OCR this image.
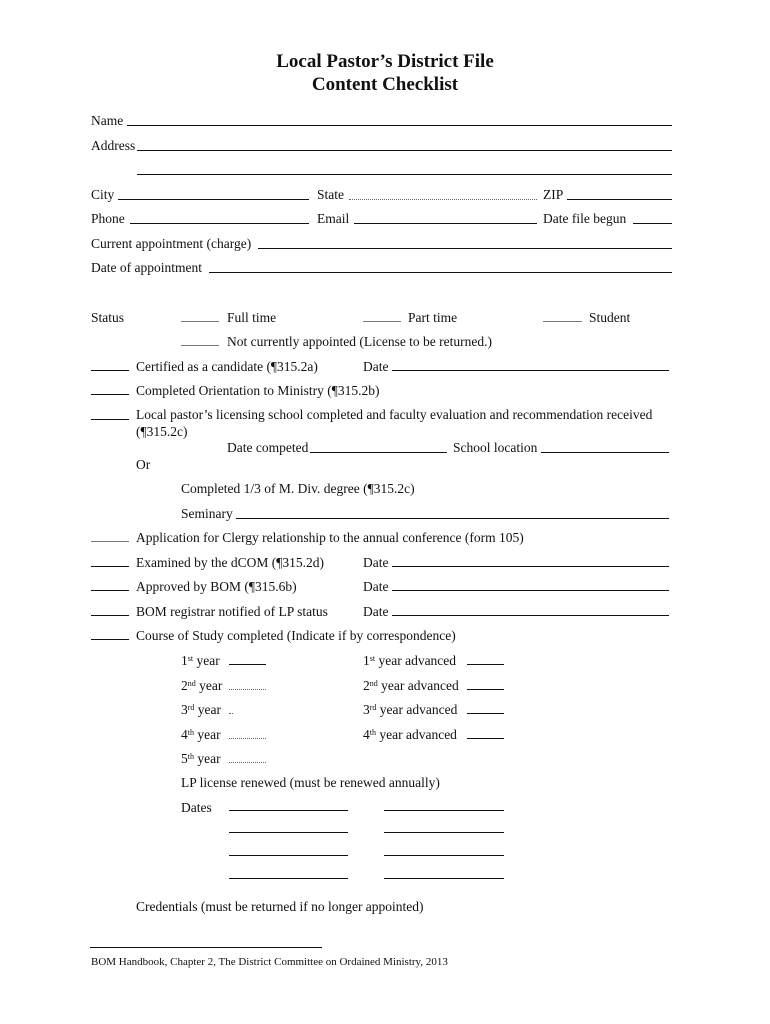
Local Pastor’s District File
Content Checklist
Name
Address
City	State	ZIP
Phone	Email	Date file begun
Current appointment (charge)
Date of appointment
Status	Full time	Part time	Student
Not currently appointed (License to be returned.)
Certified as a candidate (¶315.2a)	Date
Completed Orientation to Ministry (¶315.2b)
Local pastor’s licensing school completed and faculty evaluation and recommendation received
(¶315.2c)
Date competed	School location
Or
Completed 1/3 of M. Div. degree (¶315.2c)
Seminary
Application for Clergy relationship to the annual conference (form 105)
Examined by the dCOM (¶315.2d)	Date
Approved by BOM (¶315.6b)	Date
BOM registrar notified of LP status	Date
Course of Study completed (Indicate if by correspondence)
1st year	1st year advanced
2nd year	2nd year advanced
3rd year	3rd year advanced
4th year	4th year advanced
5th year
LP license renewed (must be renewed annually)
Dates
Credentials (must be returned if no longer appointed)
BOM Handbook, Chapter 2, The District Committee on Ordained Ministry, 2013
